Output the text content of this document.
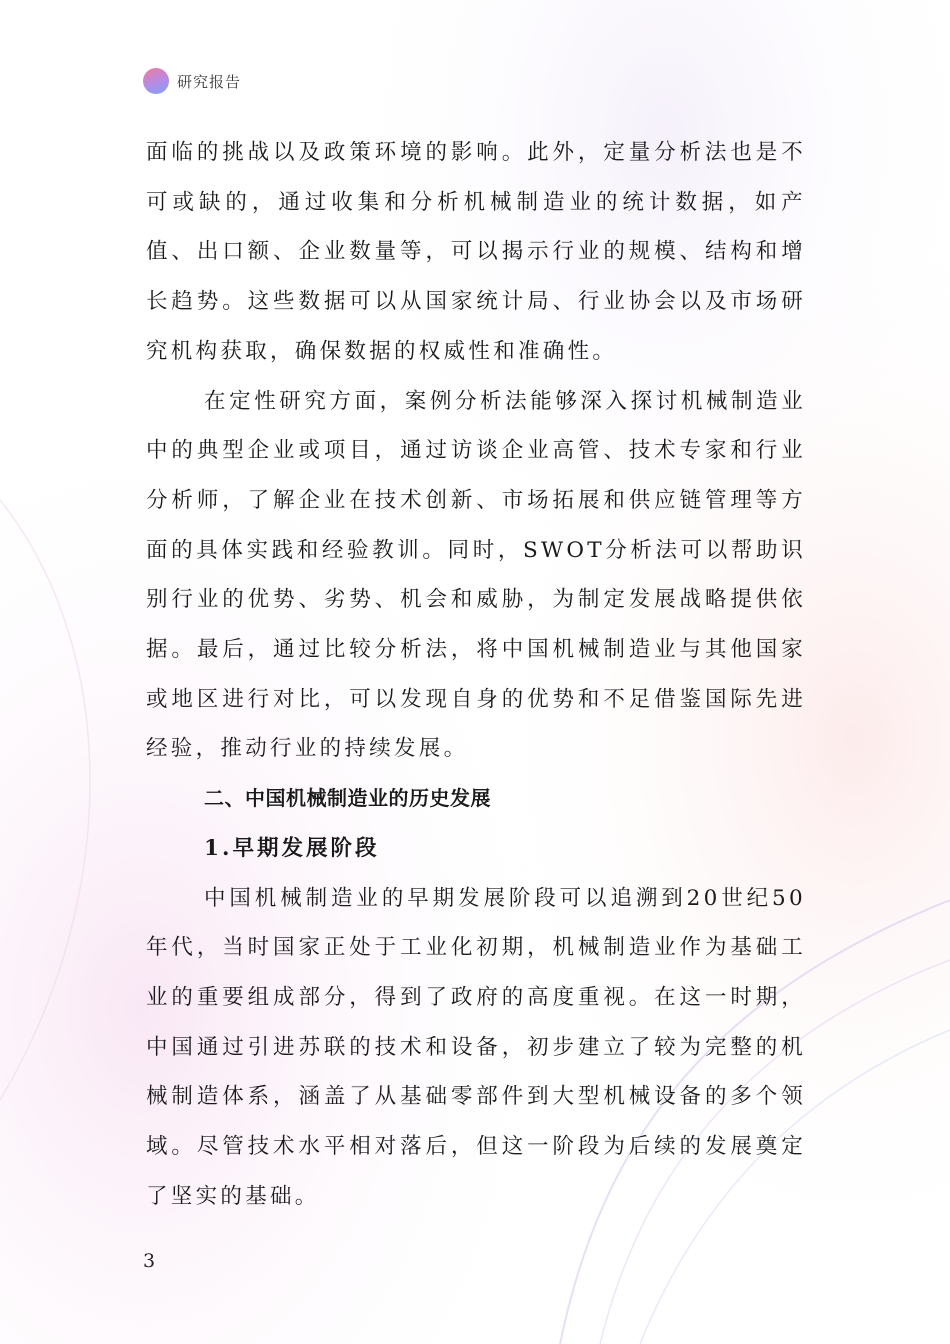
研究报告

面临的挑战以及政策环境的影响。此外，定量分析法也是不可或缺的，通过收集和分析机械制造业的统计数据，如产值、出口额、企业数量等，可以揭示行业的规模、结构和增长趋势。这些数据可以从国家统计局、行业协会以及市场研究机构获取，确保数据的权威性和准确性。

在定性研究方面，案例分析法能够深入探讨机械制造业中的典型企业或项目，通过访谈企业高管、技术专家和行业分析师，了解企业在技术创新、市场拓展和供应链管理等方面的具体实践和经验教训。同时，SWOT分析法可以帮助识别行业的优势、劣势、机会和威胁，为制定发展战略提供依据。最后，通过比较分析法，将中国机械制造业与其他国家或地区进行对比，可以发现自身的优势和不足借鉴国际先进经验，推动行业的持续发展。

二、中国机械制造业的历史发展
1.早期发展阶段

中国机械制造业的早期发展阶段可以追溯到20世纪50年代，当时国家正处于工业化初期，机械制造业作为基础工业的重要组成部分，得到了政府的高度重视。在这一时期，中国通过引进苏联的技术和设备，初步建立了较为完整的机械制造体系，涵盖了从基础零部件到大型机械设备的多个领域。尽管技术水平相对落后，但这一阶段为后续的发展奠定了坚实的基础。

3
